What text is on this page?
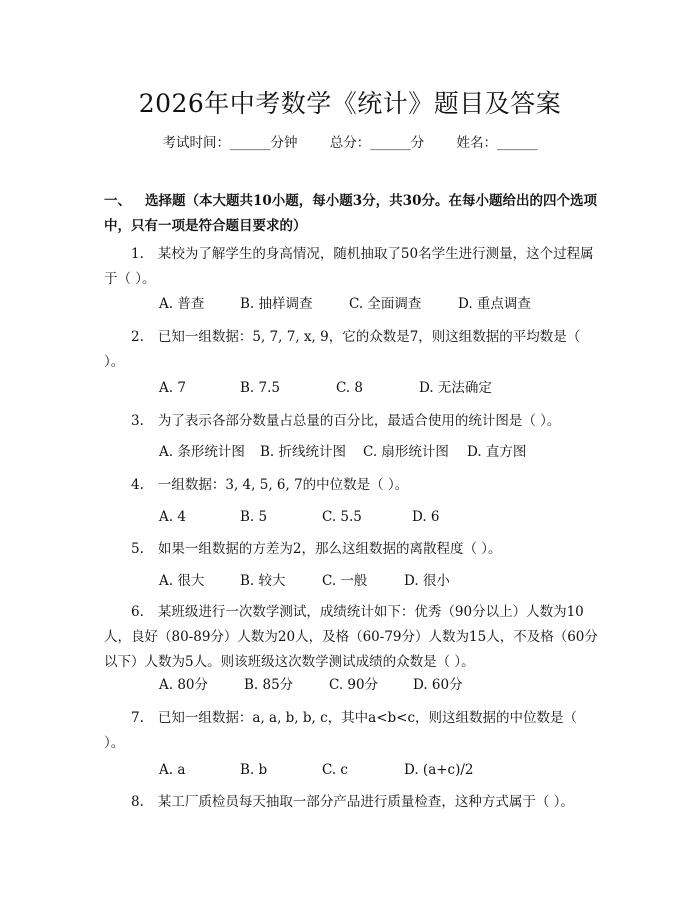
2026年中考数学《统计》题目及答案
考试时间：______分钟 总分：______分 姓名：______
一、 选择题（本大题共10小题，每小题3分，共30分。在每小题给出的四个选项中，只有一项是符合题目要求的）
1. 某校为了解学生的身高情况，随机抽取了50名学生进行测量，这个过程属于（ ）。
A. 普查	B. 抽样调查	C. 全面调查	D. 重点调查
2. 已知一组数据：5, 7, 7, x, 9，它的众数是7，则这组数据的平均数是（ ）。
A. 7	B. 7.5	C. 8	D. 无法确定
3. 为了表示各部分数量占总量的百分比，最适合使用的统计图是（ ）。
A. 条形统计图 B. 折线统计图 C. 扇形统计图 D. 直方图
4. 一组数据：3, 4, 5, 6, 7的中位数是（ ）。
A. 4	B. 5	C. 5.5	D. 6
5. 如果一组数据的方差为2，那么这组数据的离散程度（ ）。
A. 很大	B. 较大	C. 一般	D. 很小
6. 某班级进行一次数学测试，成绩统计如下：优秀（90分以上）人数为10人，良好（80-89分）人数为20人，及格（60-79分）人数为15人，不及格（60分以下）人数为5人。则该班级这次数学测试成绩的众数是（ ）。
A. 80分	B. 85分	C. 90分	D. 60分
7. 已知一组数据：a, a, b, b, c，其中a<b<c，则这组数据的中位数是（ ）。
A. a	B. b	C. c	D. (a+c)/2
8. 某工厂质检员每天抽取一部分产品进行质量检查，这种方式属于（ ）。
